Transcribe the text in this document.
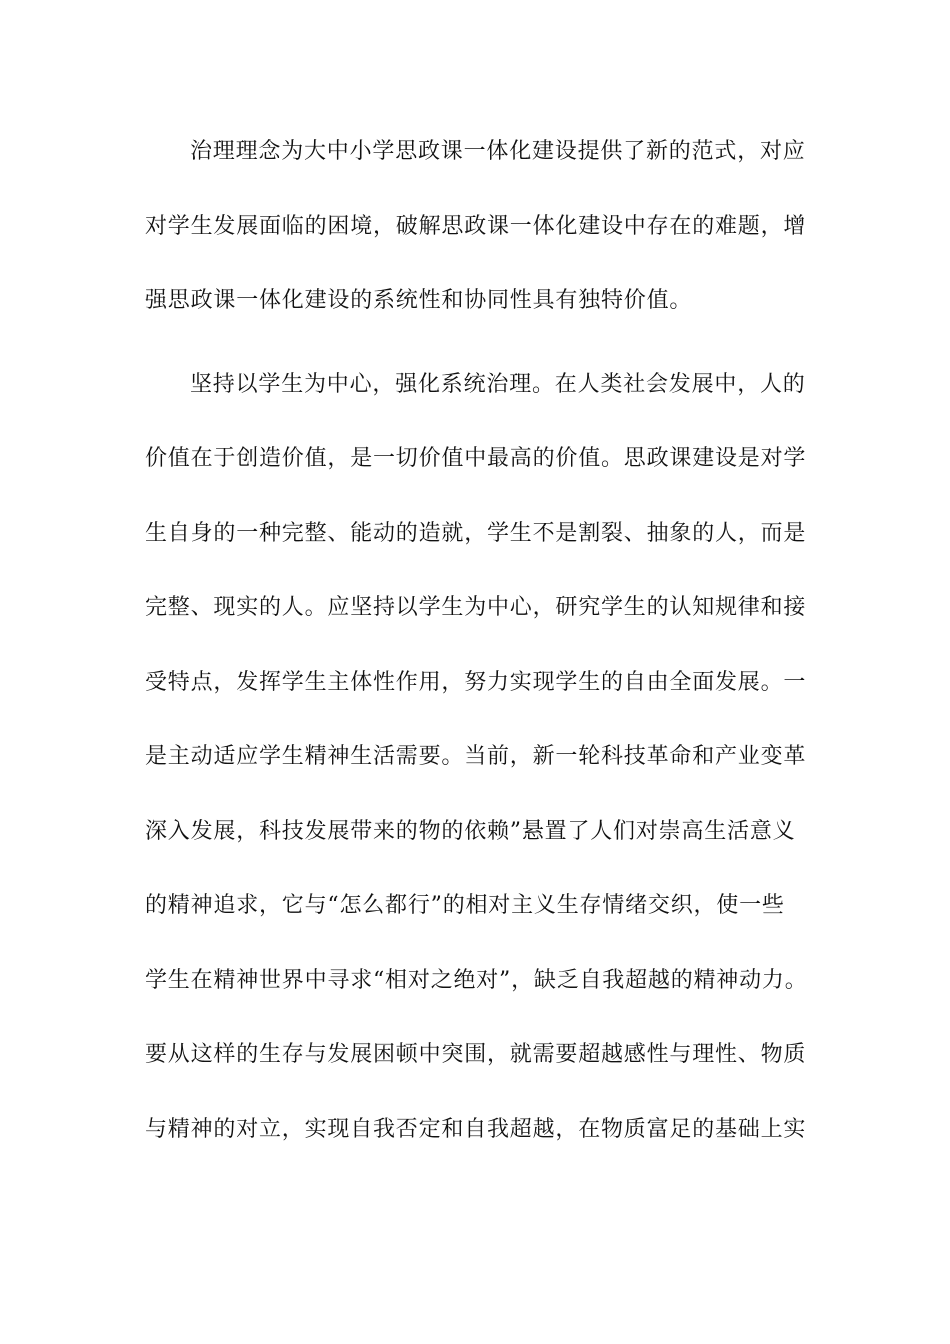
治理理念为大中小学思政课一体化建设提供了新的范式，对应
对学生发展面临的困境，破解思政课一体化建设中存在的难题，增
强思政课一体化建设的系统性和协同性具有独特价值。
坚持以学生为中心，强化系统治理。在人类社会发展中，人的
价值在于创造价值，是一切价值中最高的价值。思政课建设是对学
生自身的一种完整、能动的造就，学生不是割裂、抽象的人，而是
完整、现实的人。应坚持以学生为中心，研究学生的认知规律和接
受特点，发挥学生主体性作用，努力实现学生的自由全面发展。一
是主动适应学生精神生活需要。当前，新一轮科技革命和产业变革
深入发展，科技发展带来的物的依赖”悬置了人们对崇高生活意义
的精神追求，它与“怎么都行”的相对主义生存情绪交织，使一些
学生在精神世界中寻求“相对之绝对”，缺乏自我超越的精神动力。
要从这样的生存与发展困顿中突围，就需要超越感性与理性、物质
与精神的对立，实现自我否定和自我超越，在物质富足的基础上实
